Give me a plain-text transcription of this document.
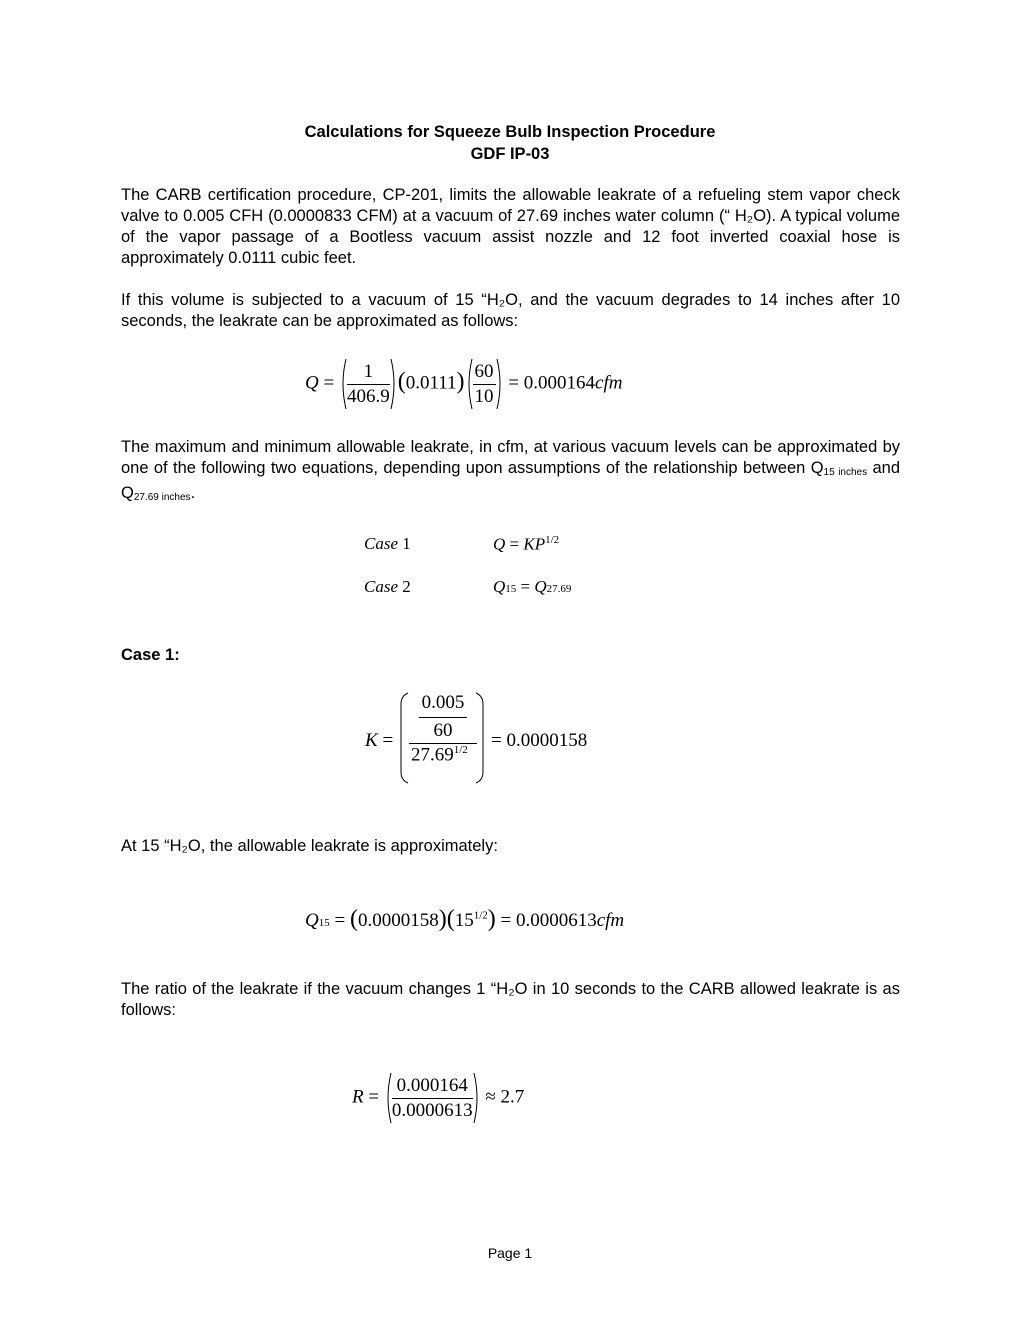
Calculations for Squeeze Bulb Inspection Procedure
GDF IP-03
The CARB certification procedure, CP-201, limits the allowable leakrate of a refueling stem vapor check valve to 0.005 CFH (0.0000833 CFM) at a vacuum of 27.69 inches water column (“ H₂O). A typical volume of the vapor passage of a Bootless vacuum assist nozzle and 12 foot inverted coaxial hose is approximately 0.0111 cubic feet.
If this volume is subjected to a vacuum of 15 “H₂O, and the vacuum degrades to 14 inches after 10 seconds, the leakrate can be approximated as follows:
$Q = \frac{1}{406.9} (0.0111) \frac{60}{10} = 0.000164cfm$
The maximum and minimum allowable leakrate, in cfm, at various vacuum levels can be approximated by one of the following two equations, depending upon assumptions of the relationship between $Q_{15 inches}$ and $Q_{27.69 inches}$.
Case 1	$Q = KP^{1/2}$
Case 2	Q15 = Q27.69
Case 1:
K =
0.005
60
$27.69^{1/2} = 0.0000158$
At 15 “H₂O, the allowable leakrate is approximately:
$Q15 = (0.0000158)(15^{1/2}) = 0.0000613cfm$
The ratio of the leakrate if the vacuum changes 1 “H₂O in 10 seconds to the CARB allowed leakrate is as follows:
$R = \frac{0.000164}{0.0000613} \approx 2.7$
Page 1
